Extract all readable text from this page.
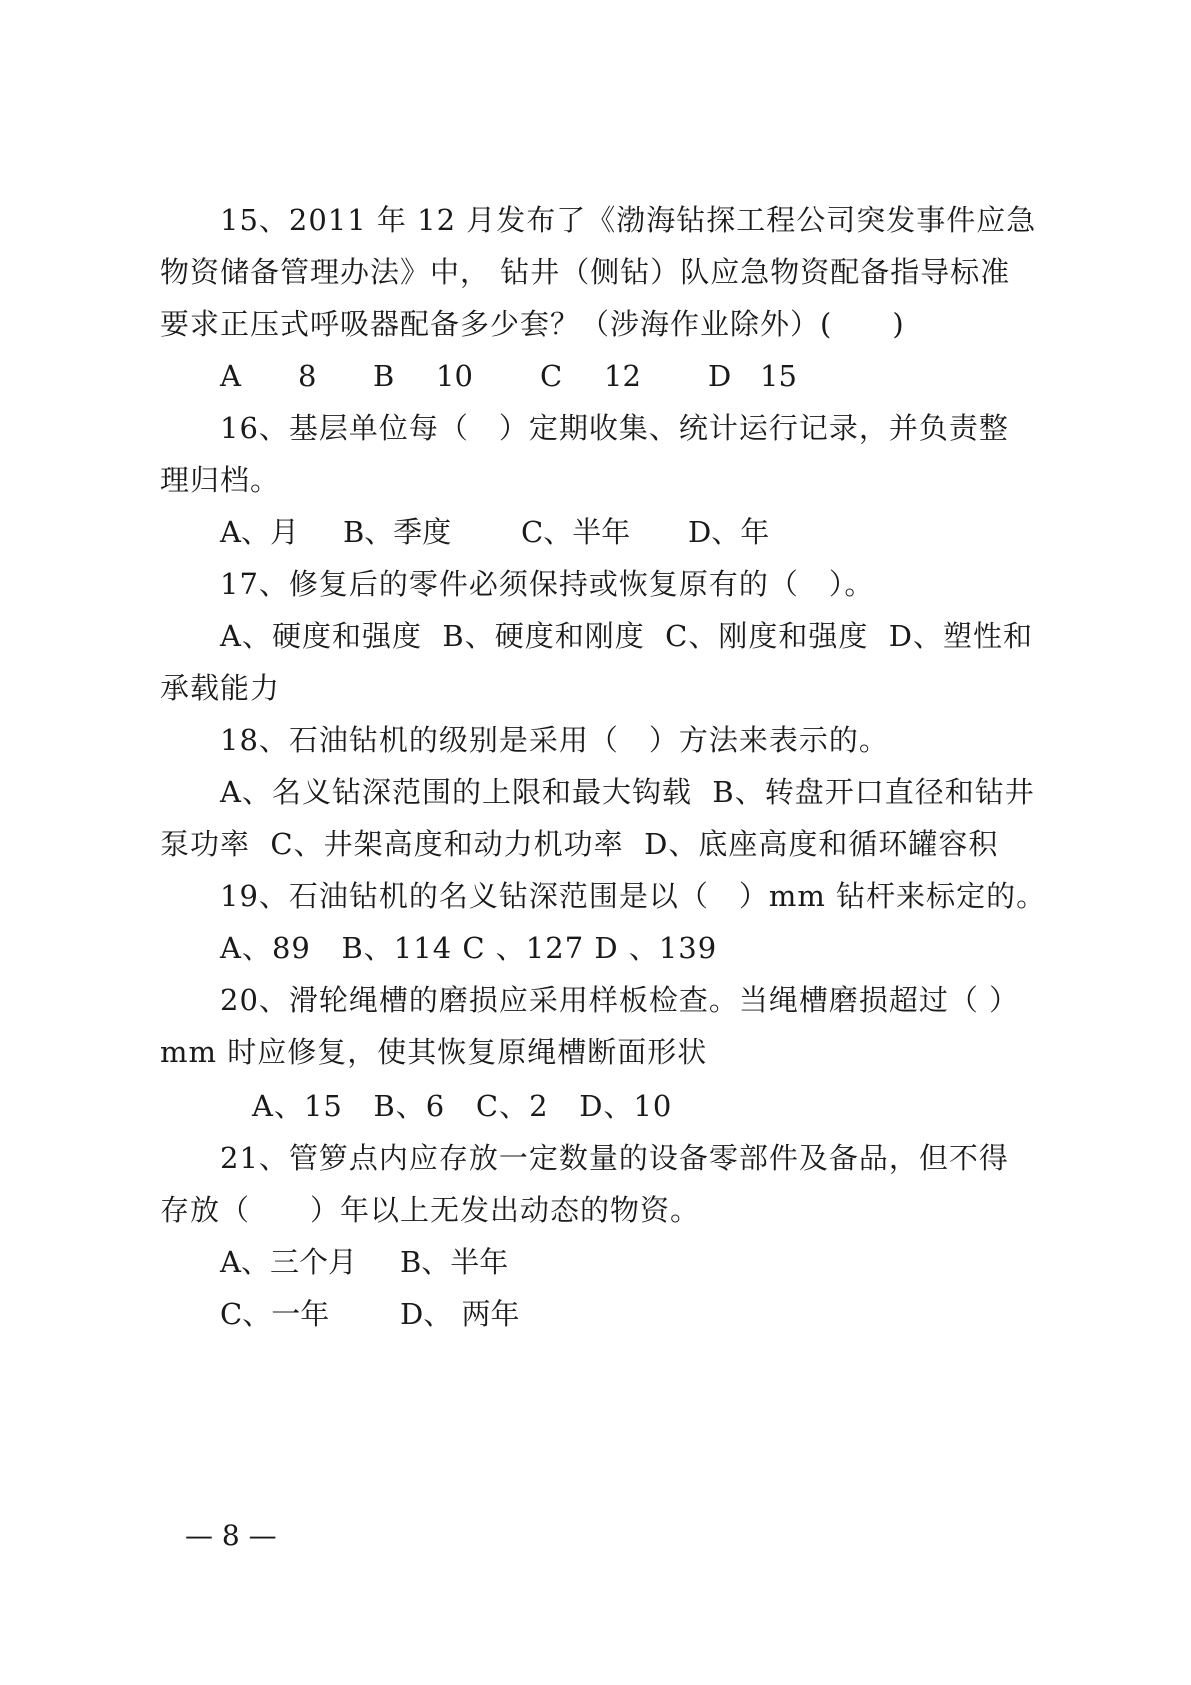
15、2011 年 12 月发布了《渤海钻探工程公司突发事件应急
物资储备管理办法》中， 钻井（侧钻）队应急物资配备指导标准
要求正压式呼吸器配备多少套？（涉海作业除外）(　　)
A 8 B 10 C 12 D 15
16、基层单位每（　）定期收集、统计运行记录，并负责整
理归档。
A、月 B、季度 C、半年 D、年
17、修复后的零件必须保持或恢复原有的（　）。
A、硬度和强度  B、硬度和刚度  C、刚度和强度  D、塑性和
承载能力
18、石油钻机的级别是采用（　）方法来表示的。
A、名义钻深范围的上限和最大钩载  B、转盘开口直径和钻井
泵功率  C、井架高度和动力机功率  D、底座高度和循环罐容积
19、石油钻机的名义钻深范围是以（　）mm 钻杆来标定的。
A、89   B、114 C 、127 D 、139
20、滑轮绳槽的磨损应采用样板检查。当绳槽磨损超过（ ）
mm 时应修复，使其恢复原绳槽断面形状
A、15   B、6   C、2   D、10
21、管箩点内应存放一定数量的设备零部件及备品，但不得
存放（　　）年以上无发出动态的物资。
A、三个月 B、半年
C、一年 D、 两年
— 8 —
